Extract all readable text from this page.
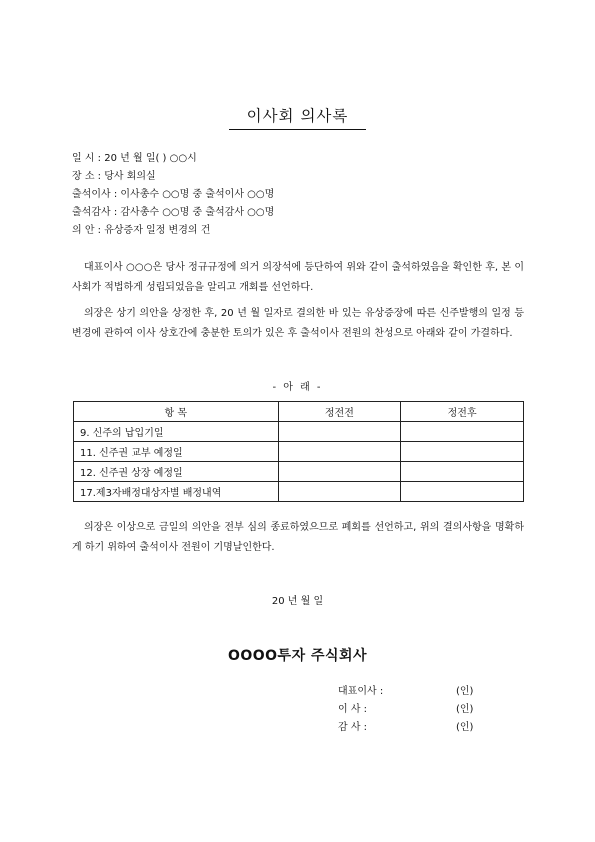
이사회 의사록
일 시 : 20 년 월 일( ) ○○시
장 소 : 당사 회의실
출석이사 : 이사총수 ○○명 중 출석이사 ○○명
출석감사 : 감사총수 ○○명 중 출석감사 ○○명
의 안 : 유상증자 일정 변경의 건
대표이사 ○○○은 당사 정규규정에 의거 의장석에 등단하여 위와 같이 출석하였음을 확인한 후, 본 이사회가 적법하게 성립되었음을 알리고 개회를 선언하다.
의장은 상기 의안을 상정한 후, 20 년 월 일자로 결의한 바 있는 유상증장에 따른 신주발행의 일정 등 변경에 관하여 이사 상호간에 충분한 토의가 있은 후 출석이사 전원의 찬성으로 아래와 같이 가결하다.
- 아 래 -
항 목	정전전	정전후
9. 신주의 납입기일		
11. 신주권 교부 예정일		
12. 신주권 상장 예정일		
17.제3자배정대상자별 배정내역		
의장은 이상으로 금일의 의안을 전부 심의 종료하였으므로 폐회를 선언하고, 위의 결의사항을 명확하게 하기 위하여 출석이사 전원이 기명날인한다.
20 년 월 일
OOOO투자 주식회사
대표이사 :	(인)
이 사 :	(인)
감 사 :	(인)
